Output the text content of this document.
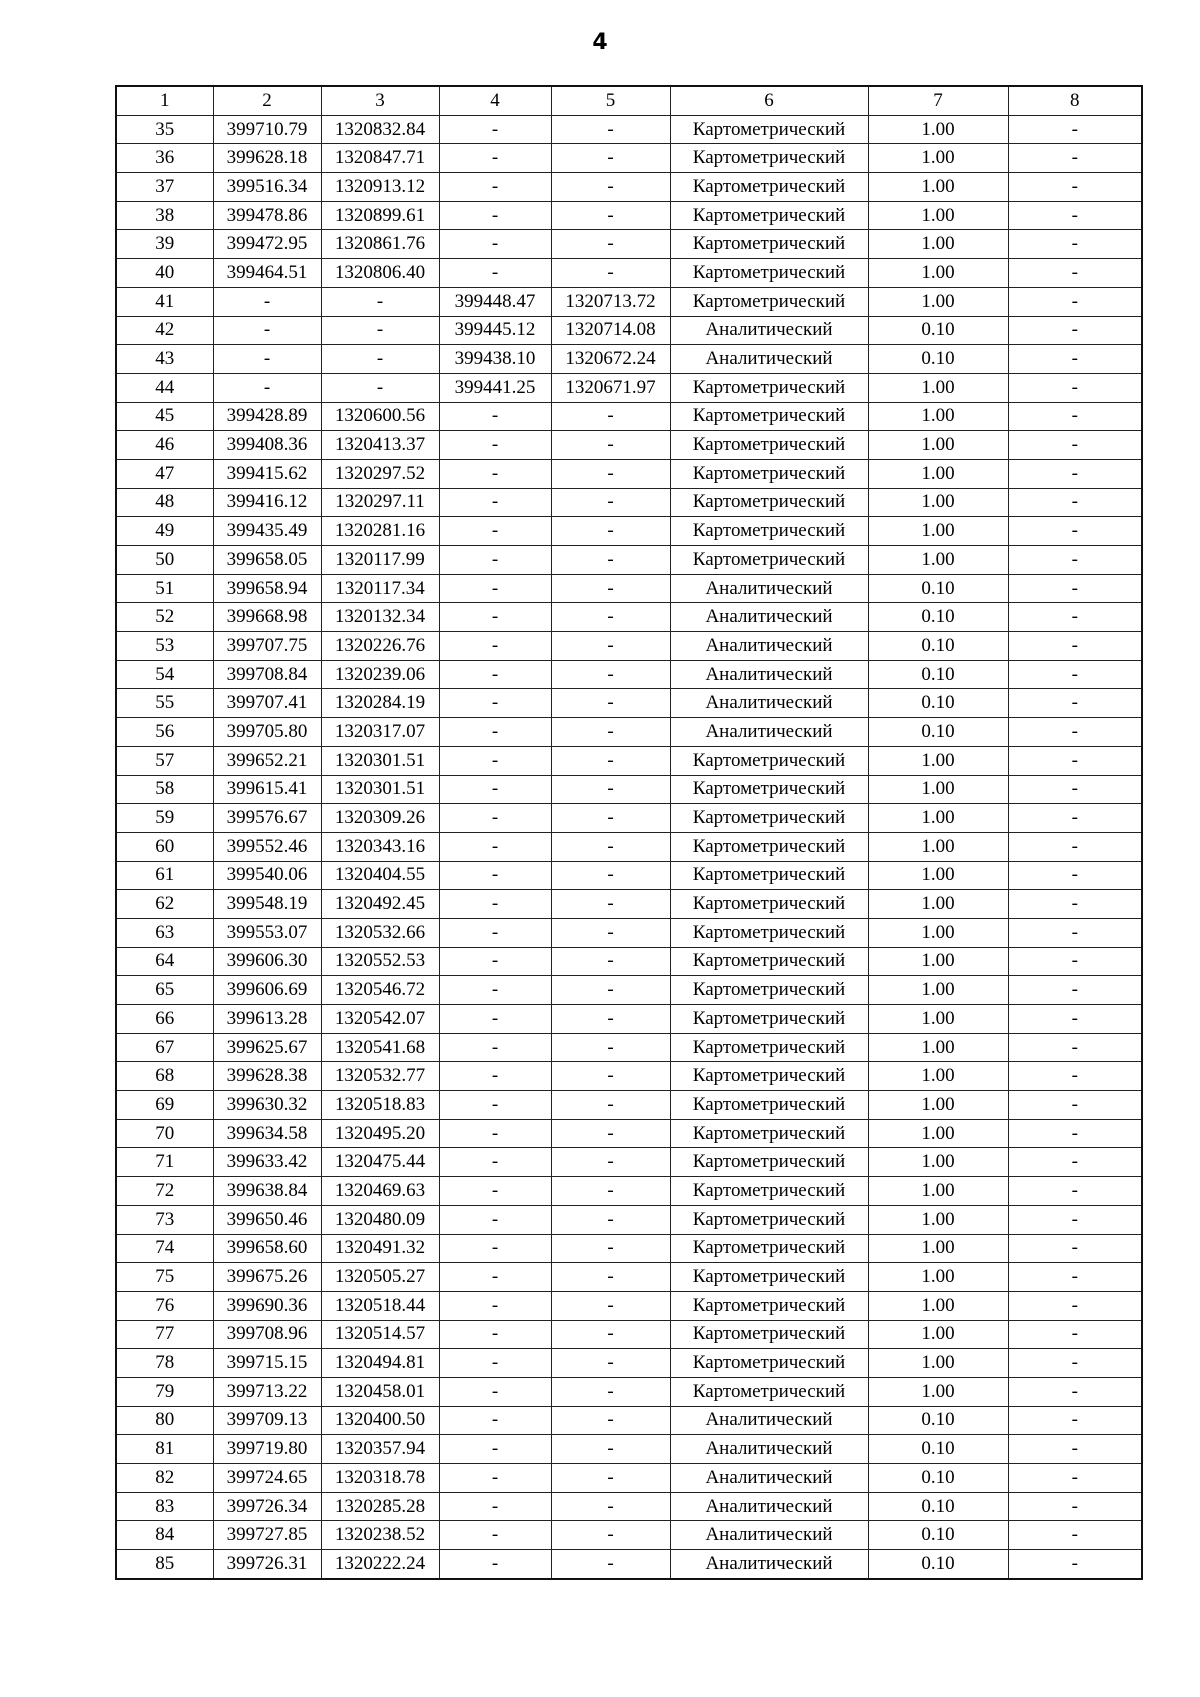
4
1	2	3	4	5	6	7	8
35	399710.79	1320832.84	-	-	Картометрический	1.00	-
36	399628.18	1320847.71	-	-	Картометрический	1.00	-
37	399516.34	1320913.12	-	-	Картометрический	1.00	-
38	399478.86	1320899.61	-	-	Картометрический	1.00	-
39	399472.95	1320861.76	-	-	Картометрический	1.00	-
40	399464.51	1320806.40	-	-	Картометрический	1.00	-
41	-	-	399448.47	1320713.72	Картометрический	1.00	-
42	-	-	399445.12	1320714.08	Аналитический	0.10	-
43	-	-	399438.10	1320672.24	Аналитический	0.10	-
44	-	-	399441.25	1320671.97	Картометрический	1.00	-
45	399428.89	1320600.56	-	-	Картометрический	1.00	-
46	399408.36	1320413.37	-	-	Картометрический	1.00	-
47	399415.62	1320297.52	-	-	Картометрический	1.00	-
48	399416.12	1320297.11	-	-	Картометрический	1.00	-
49	399435.49	1320281.16	-	-	Картометрический	1.00	-
50	399658.05	1320117.99	-	-	Картометрический	1.00	-
51	399658.94	1320117.34	-	-	Аналитический	0.10	-
52	399668.98	1320132.34	-	-	Аналитический	0.10	-
53	399707.75	1320226.76	-	-	Аналитический	0.10	-
54	399708.84	1320239.06	-	-	Аналитический	0.10	-
55	399707.41	1320284.19	-	-	Аналитический	0.10	-
56	399705.80	1320317.07	-	-	Аналитический	0.10	-
57	399652.21	1320301.51	-	-	Картометрический	1.00	-
58	399615.41	1320301.51	-	-	Картометрический	1.00	-
59	399576.67	1320309.26	-	-	Картометрический	1.00	-
60	399552.46	1320343.16	-	-	Картометрический	1.00	-
61	399540.06	1320404.55	-	-	Картометрический	1.00	-
62	399548.19	1320492.45	-	-	Картометрический	1.00	-
63	399553.07	1320532.66	-	-	Картометрический	1.00	-
64	399606.30	1320552.53	-	-	Картометрический	1.00	-
65	399606.69	1320546.72	-	-	Картометрический	1.00	-
66	399613.28	1320542.07	-	-	Картометрический	1.00	-
67	399625.67	1320541.68	-	-	Картометрический	1.00	-
68	399628.38	1320532.77	-	-	Картометрический	1.00	-
69	399630.32	1320518.83	-	-	Картометрический	1.00	-
70	399634.58	1320495.20	-	-	Картометрический	1.00	-
71	399633.42	1320475.44	-	-	Картометрический	1.00	-
72	399638.84	1320469.63	-	-	Картометрический	1.00	-
73	399650.46	1320480.09	-	-	Картометрический	1.00	-
74	399658.60	1320491.32	-	-	Картометрический	1.00	-
75	399675.26	1320505.27	-	-	Картометрический	1.00	-
76	399690.36	1320518.44	-	-	Картометрический	1.00	-
77	399708.96	1320514.57	-	-	Картометрический	1.00	-
78	399715.15	1320494.81	-	-	Картометрический	1.00	-
79	399713.22	1320458.01	-	-	Картометрический	1.00	-
80	399709.13	1320400.50	-	-	Аналитический	0.10	-
81	399719.80	1320357.94	-	-	Аналитический	0.10	-
82	399724.65	1320318.78	-	-	Аналитический	0.10	-
83	399726.34	1320285.28	-	-	Аналитический	0.10	-
84	399727.85	1320238.52	-	-	Аналитический	0.10	-
85	399726.31	1320222.24	-	-	Аналитический	0.10	-
